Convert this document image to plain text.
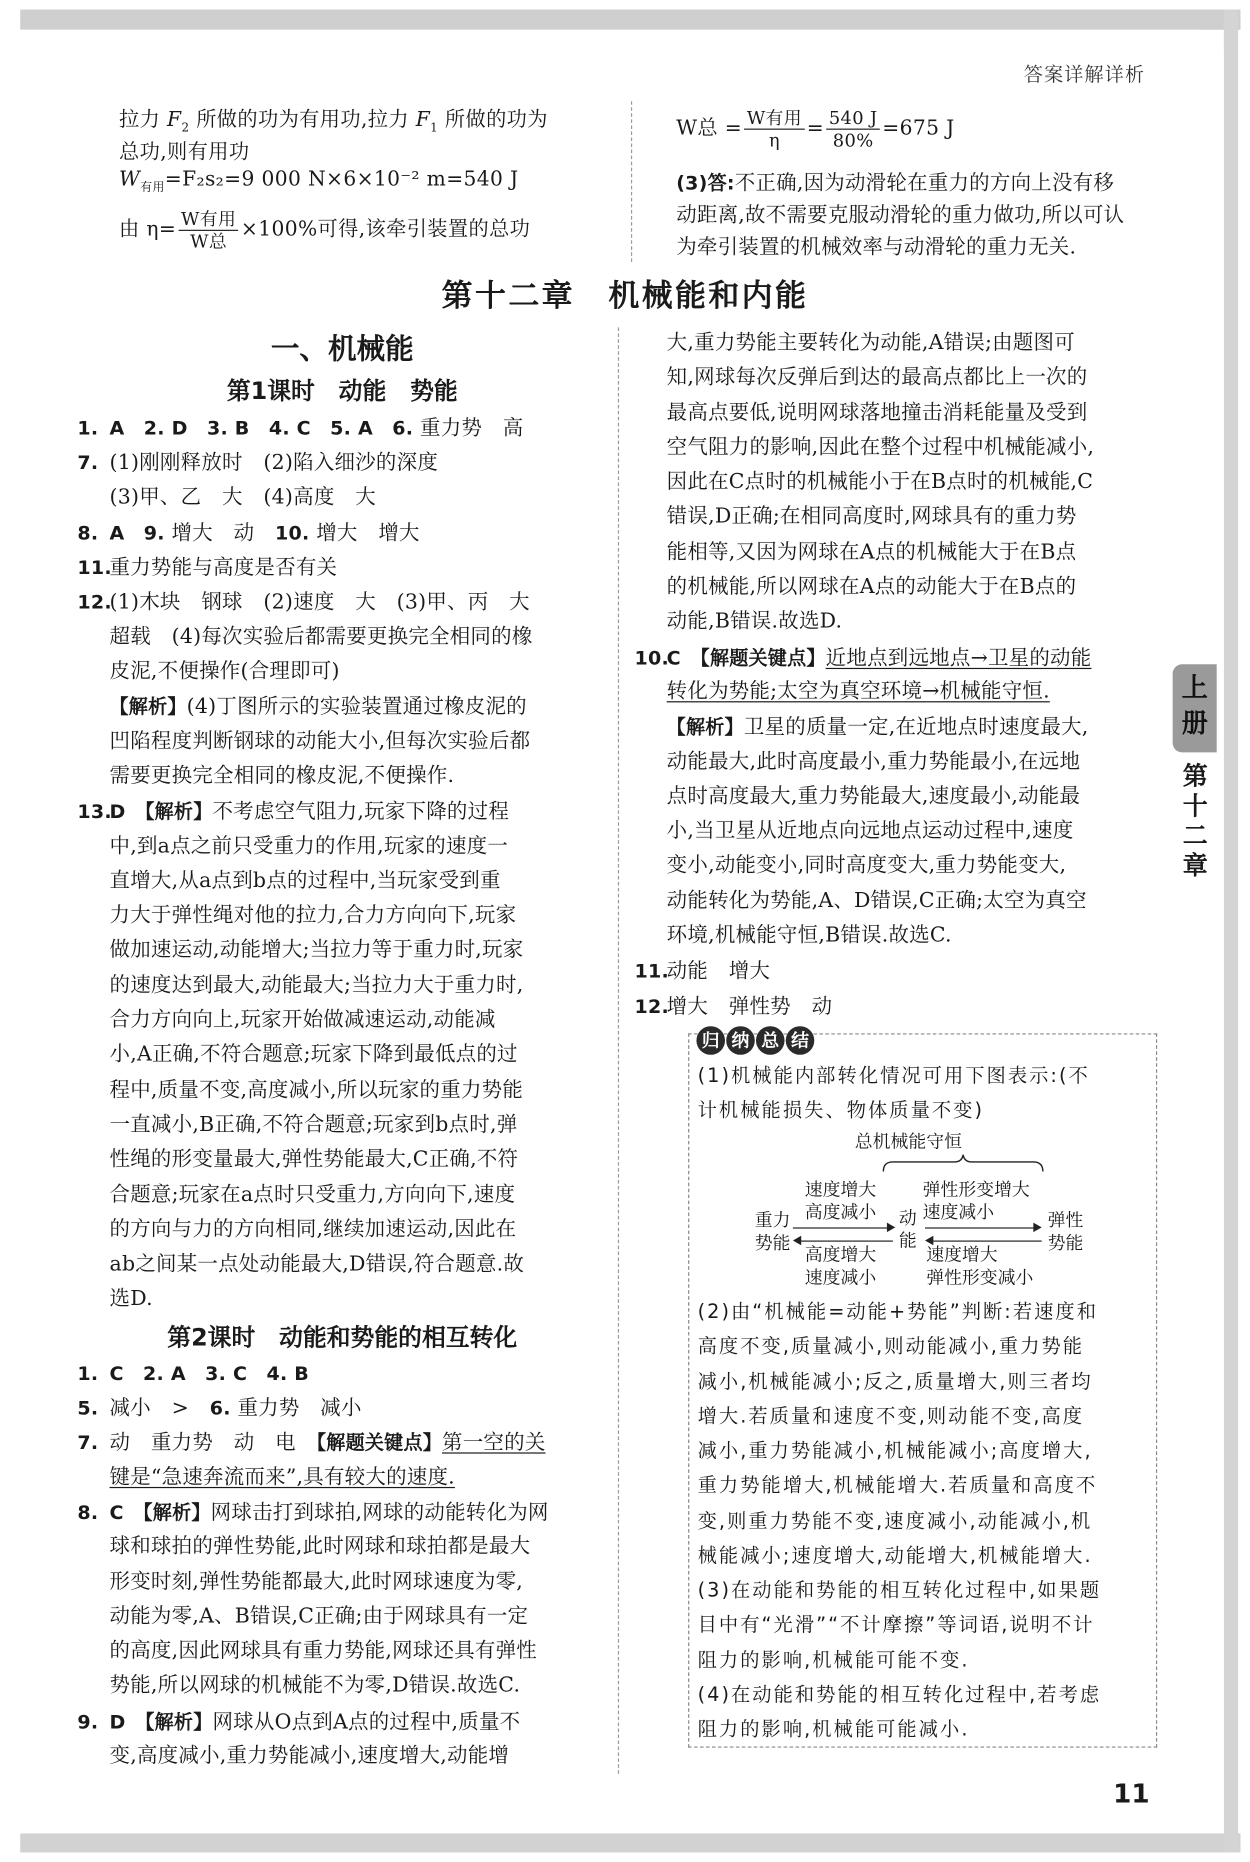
答案详解详析
拉力 $F_2$ 所做的功为有用功,拉力 $F_1$ 所做的功为
总功,则有用功
$W_{有用}=F_2s_2=9$ 000 N×6×10⁻² m=540 J
由 $\eta= \frac{\text{W有用}}{\text{W总}} \times 100\%$可得,该牵引装置的总功
W总 = $\frac{\text{W有用}}{\eta} = \frac{540 J}{80\%} =675$ J
(3)答:不正确,因为动滑轮在重力的方向上没有移
动距离,故不需要克服动滑轮的重力做功,所以可认
为牵引装置的机械效率与动滑轮的重力无关.
第十二章　机械能和内能
一、机械能
第1课时　动能　势能
1. A　2. D　3. B　4. C　5. A　6. 重力势　高
7. (1)刚刚释放时　(2)陷入细沙的深度
(3)甲、乙　大　(4)高度　大
8. A　9. 增大　动　10. 增大　增大
11.重力势能与高度是否有关
12.(1)木块　钢球　(2)速度　大　(3)甲、丙　大
超载　(4)每次实验后都需要更换完全相同的橡
皮泥,不便操作(合理即可)
【解析】(4)丁图所示的实验装置通过橡皮泥的
凹陷程度判断钢球的动能大小,但每次实验后都
需要更换完全相同的橡皮泥,不便操作.
13.D　【解析】不考虑空气阻力,玩家下降的过程
中,到a点之前只受重力的作用,玩家的速度一
直增大,从a点到b点的过程中,当玩家受到重
力大于弹性绳对他的拉力,合力方向向下,玩家
做加速运动,动能增大;当拉力等于重力时,玩家
的速度达到最大,动能最大;当拉力大于重力时,
合力方向向上,玩家开始做减速运动,动能减
小,A正确,不符合题意;玩家下降到最低点的过
程中,质量不变,高度减小,所以玩家的重力势能
一直减小,B正确,不符合题意;玩家到b点时,弹
性绳的形变量最大,弹性势能最大,C正确,不符
合题意;玩家在a点时只受重力,方向向下,速度
的方向与力的方向相同,继续加速运动,因此在
ab之间某一点处动能最大,D错误,符合题意.故
选D.
第2课时　动能和势能的相互转化
1. C　2. A　3. C　4. B
5. 减小　>　6. 重力势　减小
7. 动　重力势　动　电　【解题关键点】第一空的关
键是“急速奔流而来”,具有较大的速度.
8. C　【解析】网球击打到球拍,网球的动能转化为网
球和球拍的弹性势能,此时网球和球拍都是最大
形变时刻,弹性势能都最大,此时网球速度为零,
动能为零,A、B错误,C正确;由于网球具有一定
的高度,因此网球具有重力势能,网球还具有弹性
势能,所以网球的机械能不为零,D错误.故选C.
9. D　【解析】网球从O点到A点的过程中,质量不
变,高度减小,重力势能减小,速度增大,动能增
大,重力势能主要转化为动能,A错误;由题图可
知,网球每次反弹后到达的最高点都比上一次的
最高点要低,说明网球落地撞击消耗能量及受到
空气阻力的影响,因此在整个过程中机械能减小,
因此在C点时的机械能小于在B点时的机械能,C
错误,D正确;在相同高度时,网球具有的重力势
能相等,又因为网球在A点的机械能大于在B点
的机械能,所以网球在A点的动能大于在B点的
动能,B错误.故选D.
10.C　【解题关键点】近地点到远地点→卫星的动能
转化为势能;太空为真空环境→机械能守恒.
【解析】卫星的质量一定,在近地点时速度最大,
动能最大,此时高度最小,重力势能最小,在远地
点时高度最大,重力势能最大,速度最小,动能最
小,当卫星从近地点向远地点运动过程中,速度
变小,动能变小,同时高度变大,重力势能变大,
动能转化为势能,A、D错误,C正确;太空为真空
环境,机械能守恒,B错误.故选C.
11.动能　增大
12.增大　弹性势　动
归 纳 总 结
(1)机械能内部转化情况可用下图表示:(不
计机械能损失、物体质量不变)
总机械能守恒
速度增大
高度减小
弹性形变增大
速度减小
重力
势能
动
能
弹性
势能
高度增大
速度减小
速度增大
弹性形变减小
(2)由“机械能=动能+势能”判断:若速度和
高度不变,质量减小,则动能减小,重力势能
减小,机械能减小;反之,质量增大,则三者均
增大.若质量和速度不变,则动能不变,高度
减小,重力势能减小,机械能减小;高度增大,
重力势能增大,机械能增大.若质量和高度不
变,则重力势能不变,速度减小,动能减小,机
械能减小;速度增大,动能增大,机械能增大.
(3)在动能和势能的相互转化过程中,如果题
目中有“光滑”“不计摩擦”等词语,说明不计
阻力的影响,机械能可能不变.
(4)在动能和势能的相互转化过程中,若考虑
阻力的影响,机械能可能减小.
上册
第十二章
11
